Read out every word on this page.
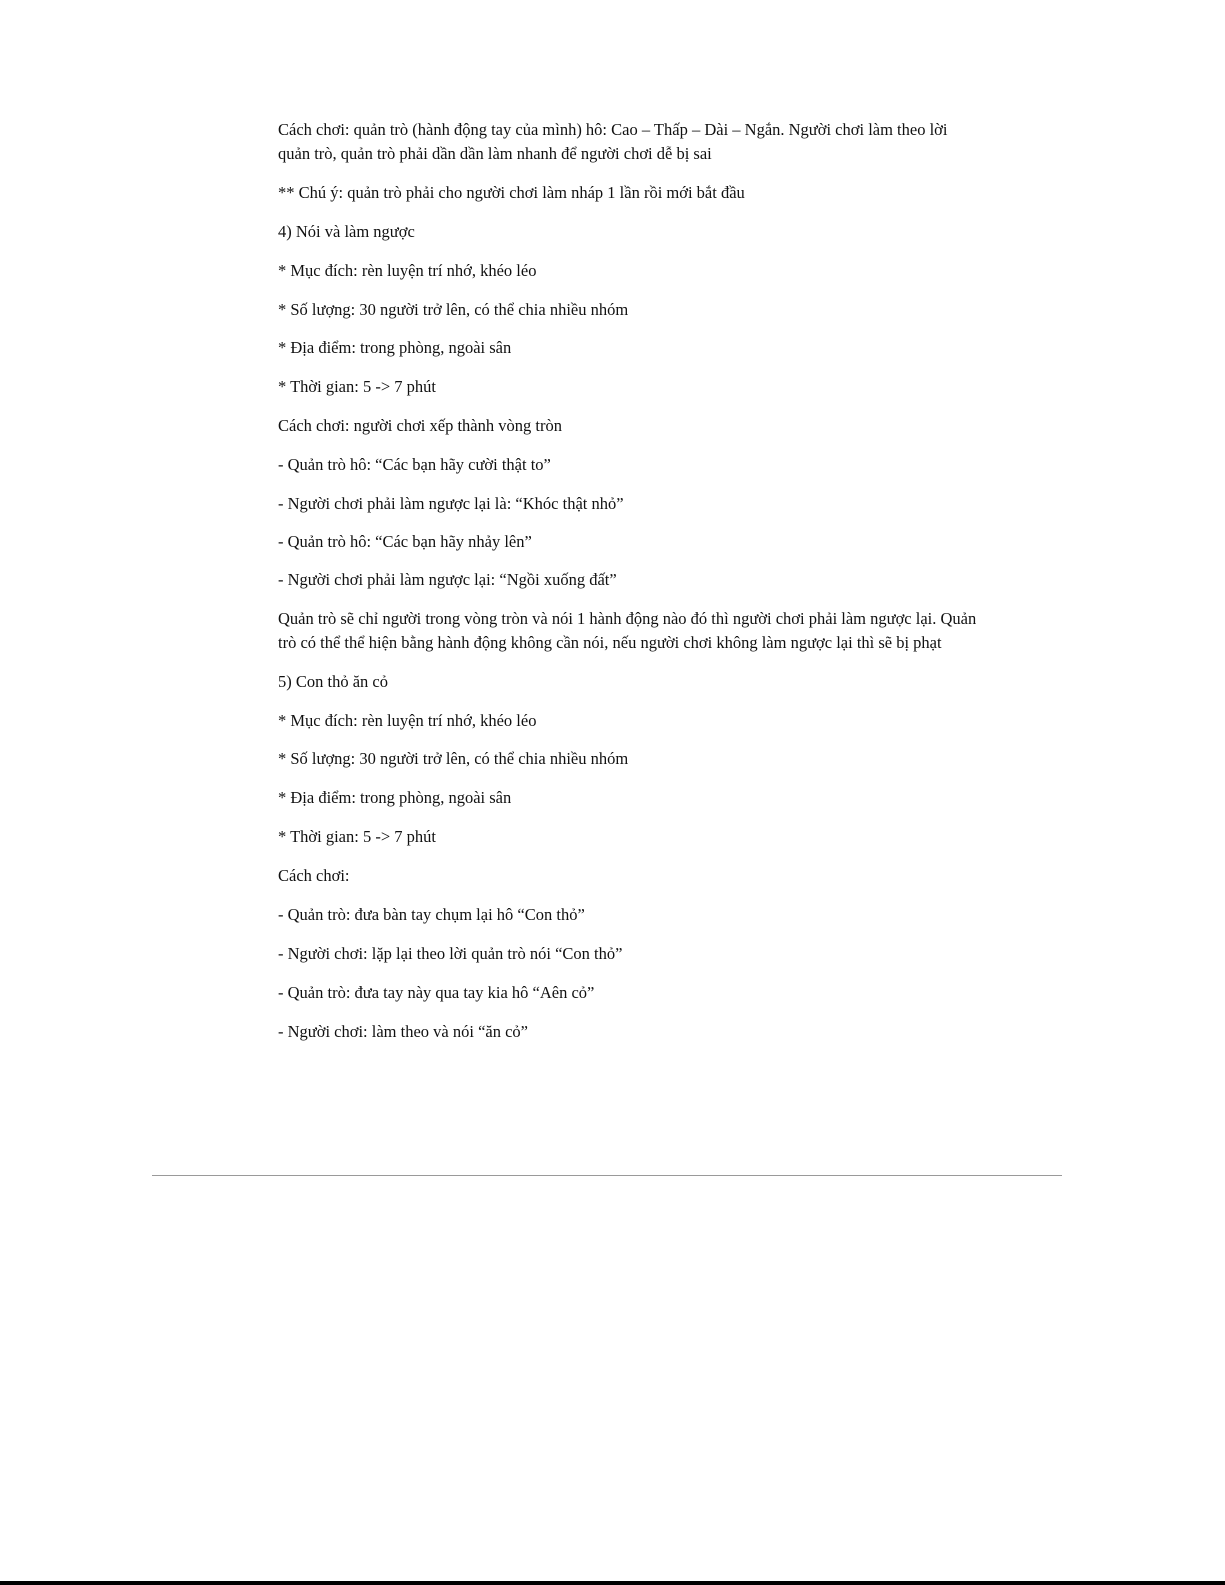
Cách chơi: quản trò (hành động tay của mình) hô: Cao – Thấp – Dài – Ngắn. Người chơi làm theo lời quản trò, quản trò phải dần dần làm nhanh để người chơi dễ bị sai

** Chú ý: quản trò phải cho người chơi làm nháp 1 lần rồi mới bắt đầu

4) Nói và làm ngược

* Mục đích: rèn luyện trí nhớ, khéo léo

* Số lượng: 30 người trở lên, có thể chia nhiều nhóm

* Địa điểm: trong phòng, ngoài sân

* Thời gian: 5 -> 7 phút

Cách chơi: người chơi xếp thành vòng tròn

- Quản trò hô: “Các bạn hãy cười thật to”

- Người chơi phải làm ngược lại là: “Khóc thật nhỏ”

- Quản trò hô: “Các bạn hãy nhảy lên”

- Người chơi phải làm ngược lại: “Ngồi xuống đất”

Quản trò sẽ chỉ người trong vòng tròn và nói 1 hành động nào đó thì người chơi phải làm ngược lại. Quản trò có thể thể hiện bằng hành động không cần nói, nếu người chơi không làm ngược lại thì sẽ bị phạt

5) Con thỏ ăn cỏ

* Mục đích: rèn luyện trí nhớ, khéo léo

* Số lượng: 30 người trở lên, có thể chia nhiều nhóm

* Địa điểm: trong phòng, ngoài sân

* Thời gian: 5 -> 7 phút

Cách chơi:

- Quản trò: đưa bàn tay chụm lại hô “Con thỏ”

- Người chơi: lặp lại theo lời quản trò nói “Con thỏ”

- Quản trò: đưa tay này qua tay kia hô “Aên cỏ”

- Người chơi: làm theo và nói “ăn cỏ”
